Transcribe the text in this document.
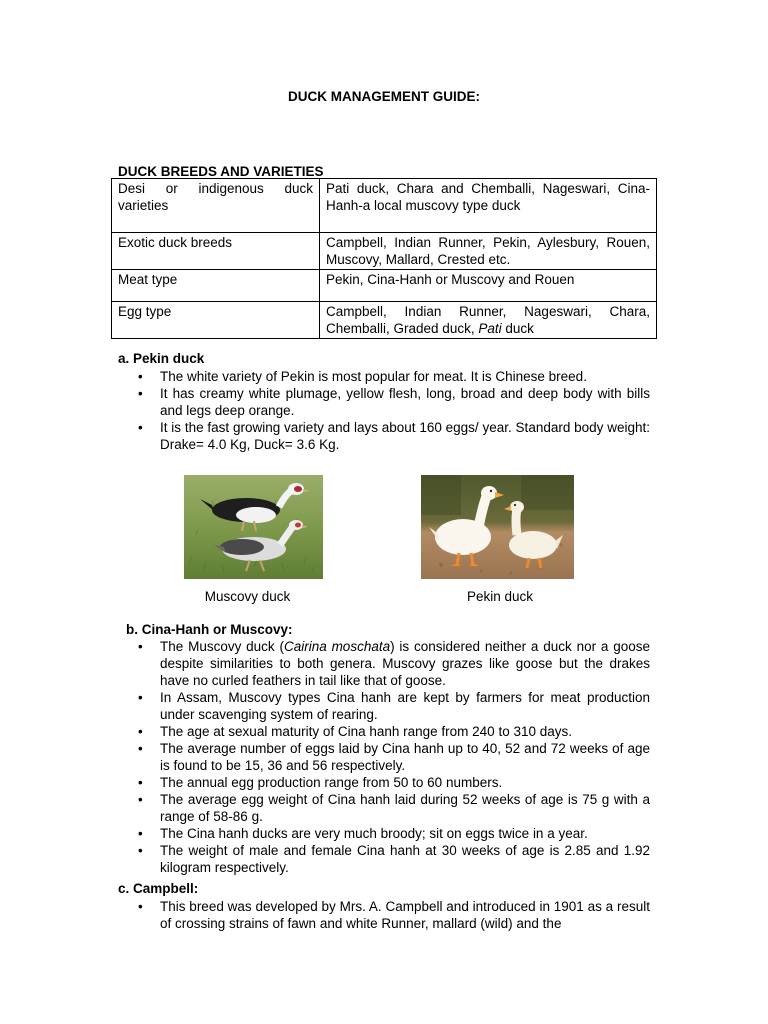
DUCK MANAGEMENT GUIDE:
DUCK BREEDS AND VARIETIES
Desi or indigenous duck varieties	Pati duck, Chara and Chemballi, Nageswari, Cina-Hanh-a local muscovy type duck
Exotic duck breeds	Campbell, Indian Runner, Pekin, Aylesbury, Rouen, Muscovy, Mallard, Crested etc.
Meat type	Pekin, Cina-Hanh or Muscovy and Rouen
Egg type	Campbell, Indian Runner, Nageswari, Chara, Chemballi, Graded duck, Pati duck
a. Pekin duck
• The white variety of Pekin is most popular for meat. It is Chinese breed.
• It has creamy white plumage, yellow flesh, long, broad and deep body with bills and legs deep orange.
• It is the fast growing variety and lays about 160 eggs/ year. Standard body weight: Drake= 4.0 Kg, Duck= 3.6 Kg.
Muscovy duck	Pekin duck
b. Cina-Hanh or Muscovy:
• The Muscovy duck (Cairina moschata) is considered neither a duck nor a goose despite similarities to both genera. Muscovy grazes like goose but the drakes have no curled feathers in tail like that of goose.
• In Assam, Muscovy types Cina hanh are kept by farmers for meat production under scavenging system of rearing.
• The age at sexual maturity of Cina hanh range from 240 to 310 days.
• The average number of eggs laid by Cina hanh up to 40, 52 and 72 weeks of age is found to be 15, 36 and 56 respectively.
• The annual egg production range from 50 to 60 numbers.
• The average egg weight of Cina hanh laid during 52 weeks of age is 75 g with a range of 58-86 g.
• The Cina hanh ducks are very much broody; sit on eggs twice in a year.
• The weight of male and female Cina hanh at 30 weeks of age is 2.85 and 1.92 kilogram respectively.
c. Campbell:
• This breed was developed by Mrs. A. Campbell and introduced in 1901 as a result of crossing strains of fawn and white Runner, mallard (wild) and the
